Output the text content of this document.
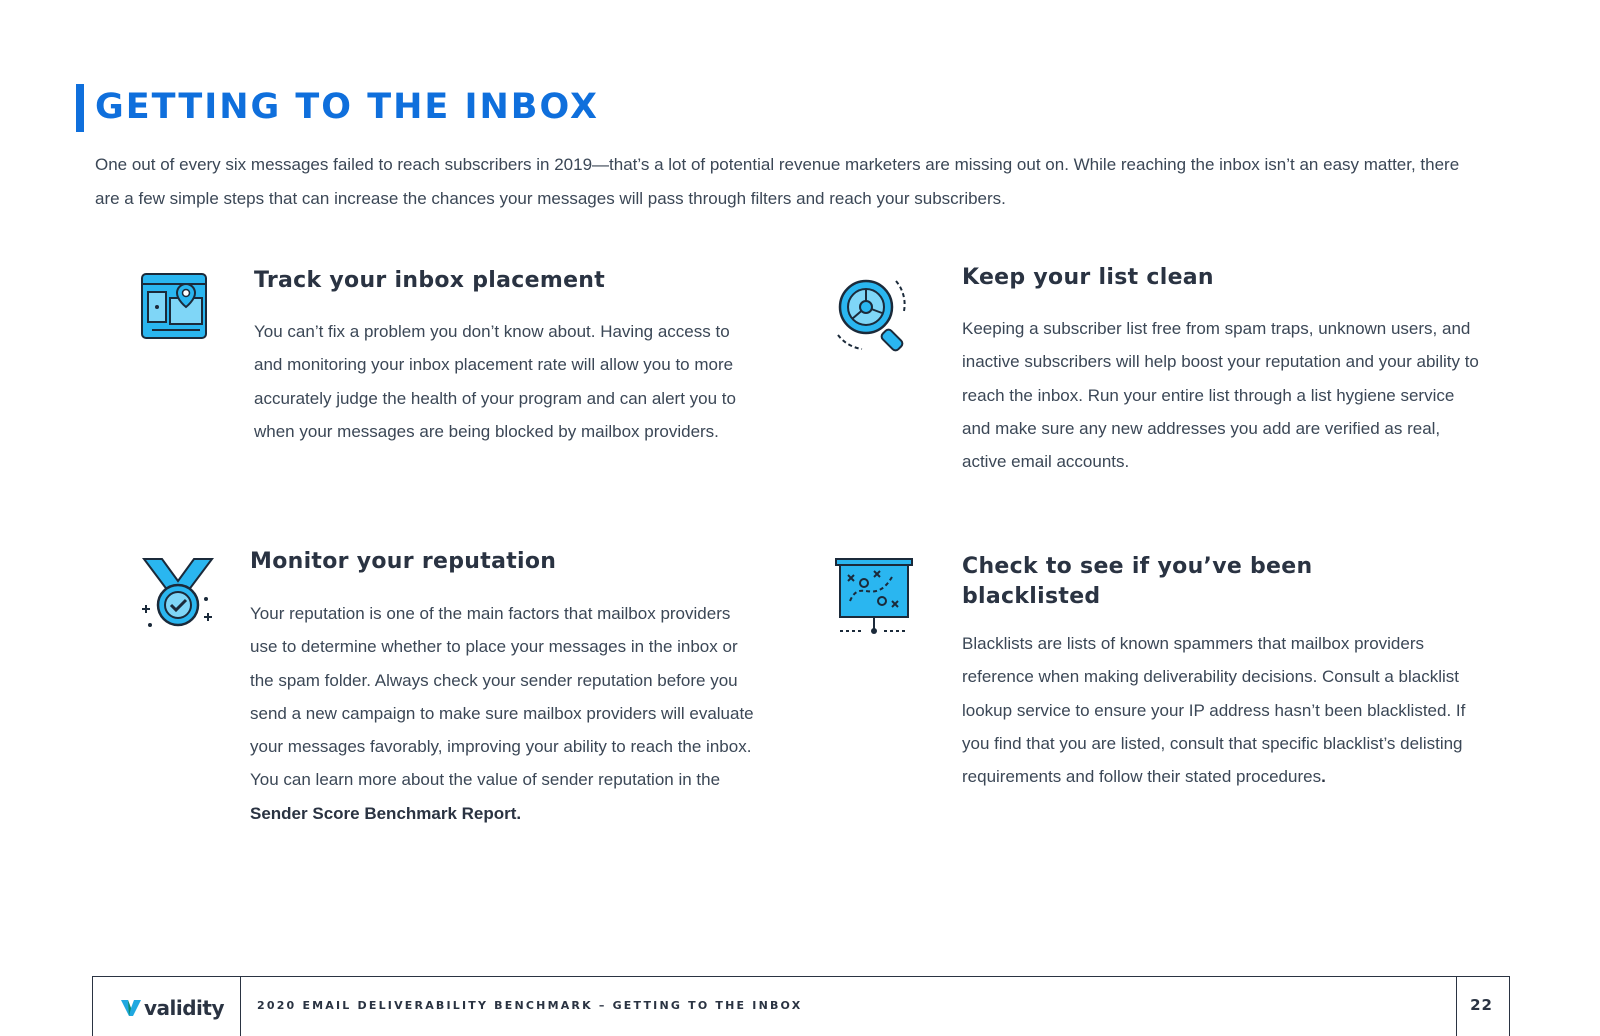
GETTING TO THE INBOX

One out of every six messages failed to reach subscribers in 2019—that’s a lot of potential revenue marketers are missing out on. While reaching the inbox isn’t an easy matter, there are a few simple steps that can increase the chances your messages will pass through filters and reach your subscribers.

Track your inbox placement

You can’t fix a problem you don’t know about. Having access to and monitoring your inbox placement rate will allow you to more accurately judge the health of your program and can alert you to when your messages are being blocked by mailbox providers.

Keep your list clean

Keeping a subscriber list free from spam traps, unknown users, and inactive subscribers will help boost your reputation and your ability to reach the inbox. Run your entire list through a list hygiene service and make sure any new addresses you add are verified as real, active email accounts.

Monitor your reputation

Your reputation is one of the main factors that mailbox providers use to determine whether to place your messages in the inbox or the spam folder. Always check your sender reputation before you send a new campaign to make sure mailbox providers will evaluate your messages favorably, improving your ability to reach the inbox. You can learn more about the value of sender reputation in the Sender Score Benchmark Report.

Check to see if you’ve been blacklisted

Blacklists are lists of known spammers that mailbox providers reference when making deliverability decisions. Consult a blacklist lookup service to ensure your IP address hasn’t been blacklisted. If you find that you are listed, consult that specific blacklist’s delisting requirements and follow their stated procedures.

validity	2020 EMAIL DELIVERABILITY BENCHMARK – GETTING TO THE INBOX	22
